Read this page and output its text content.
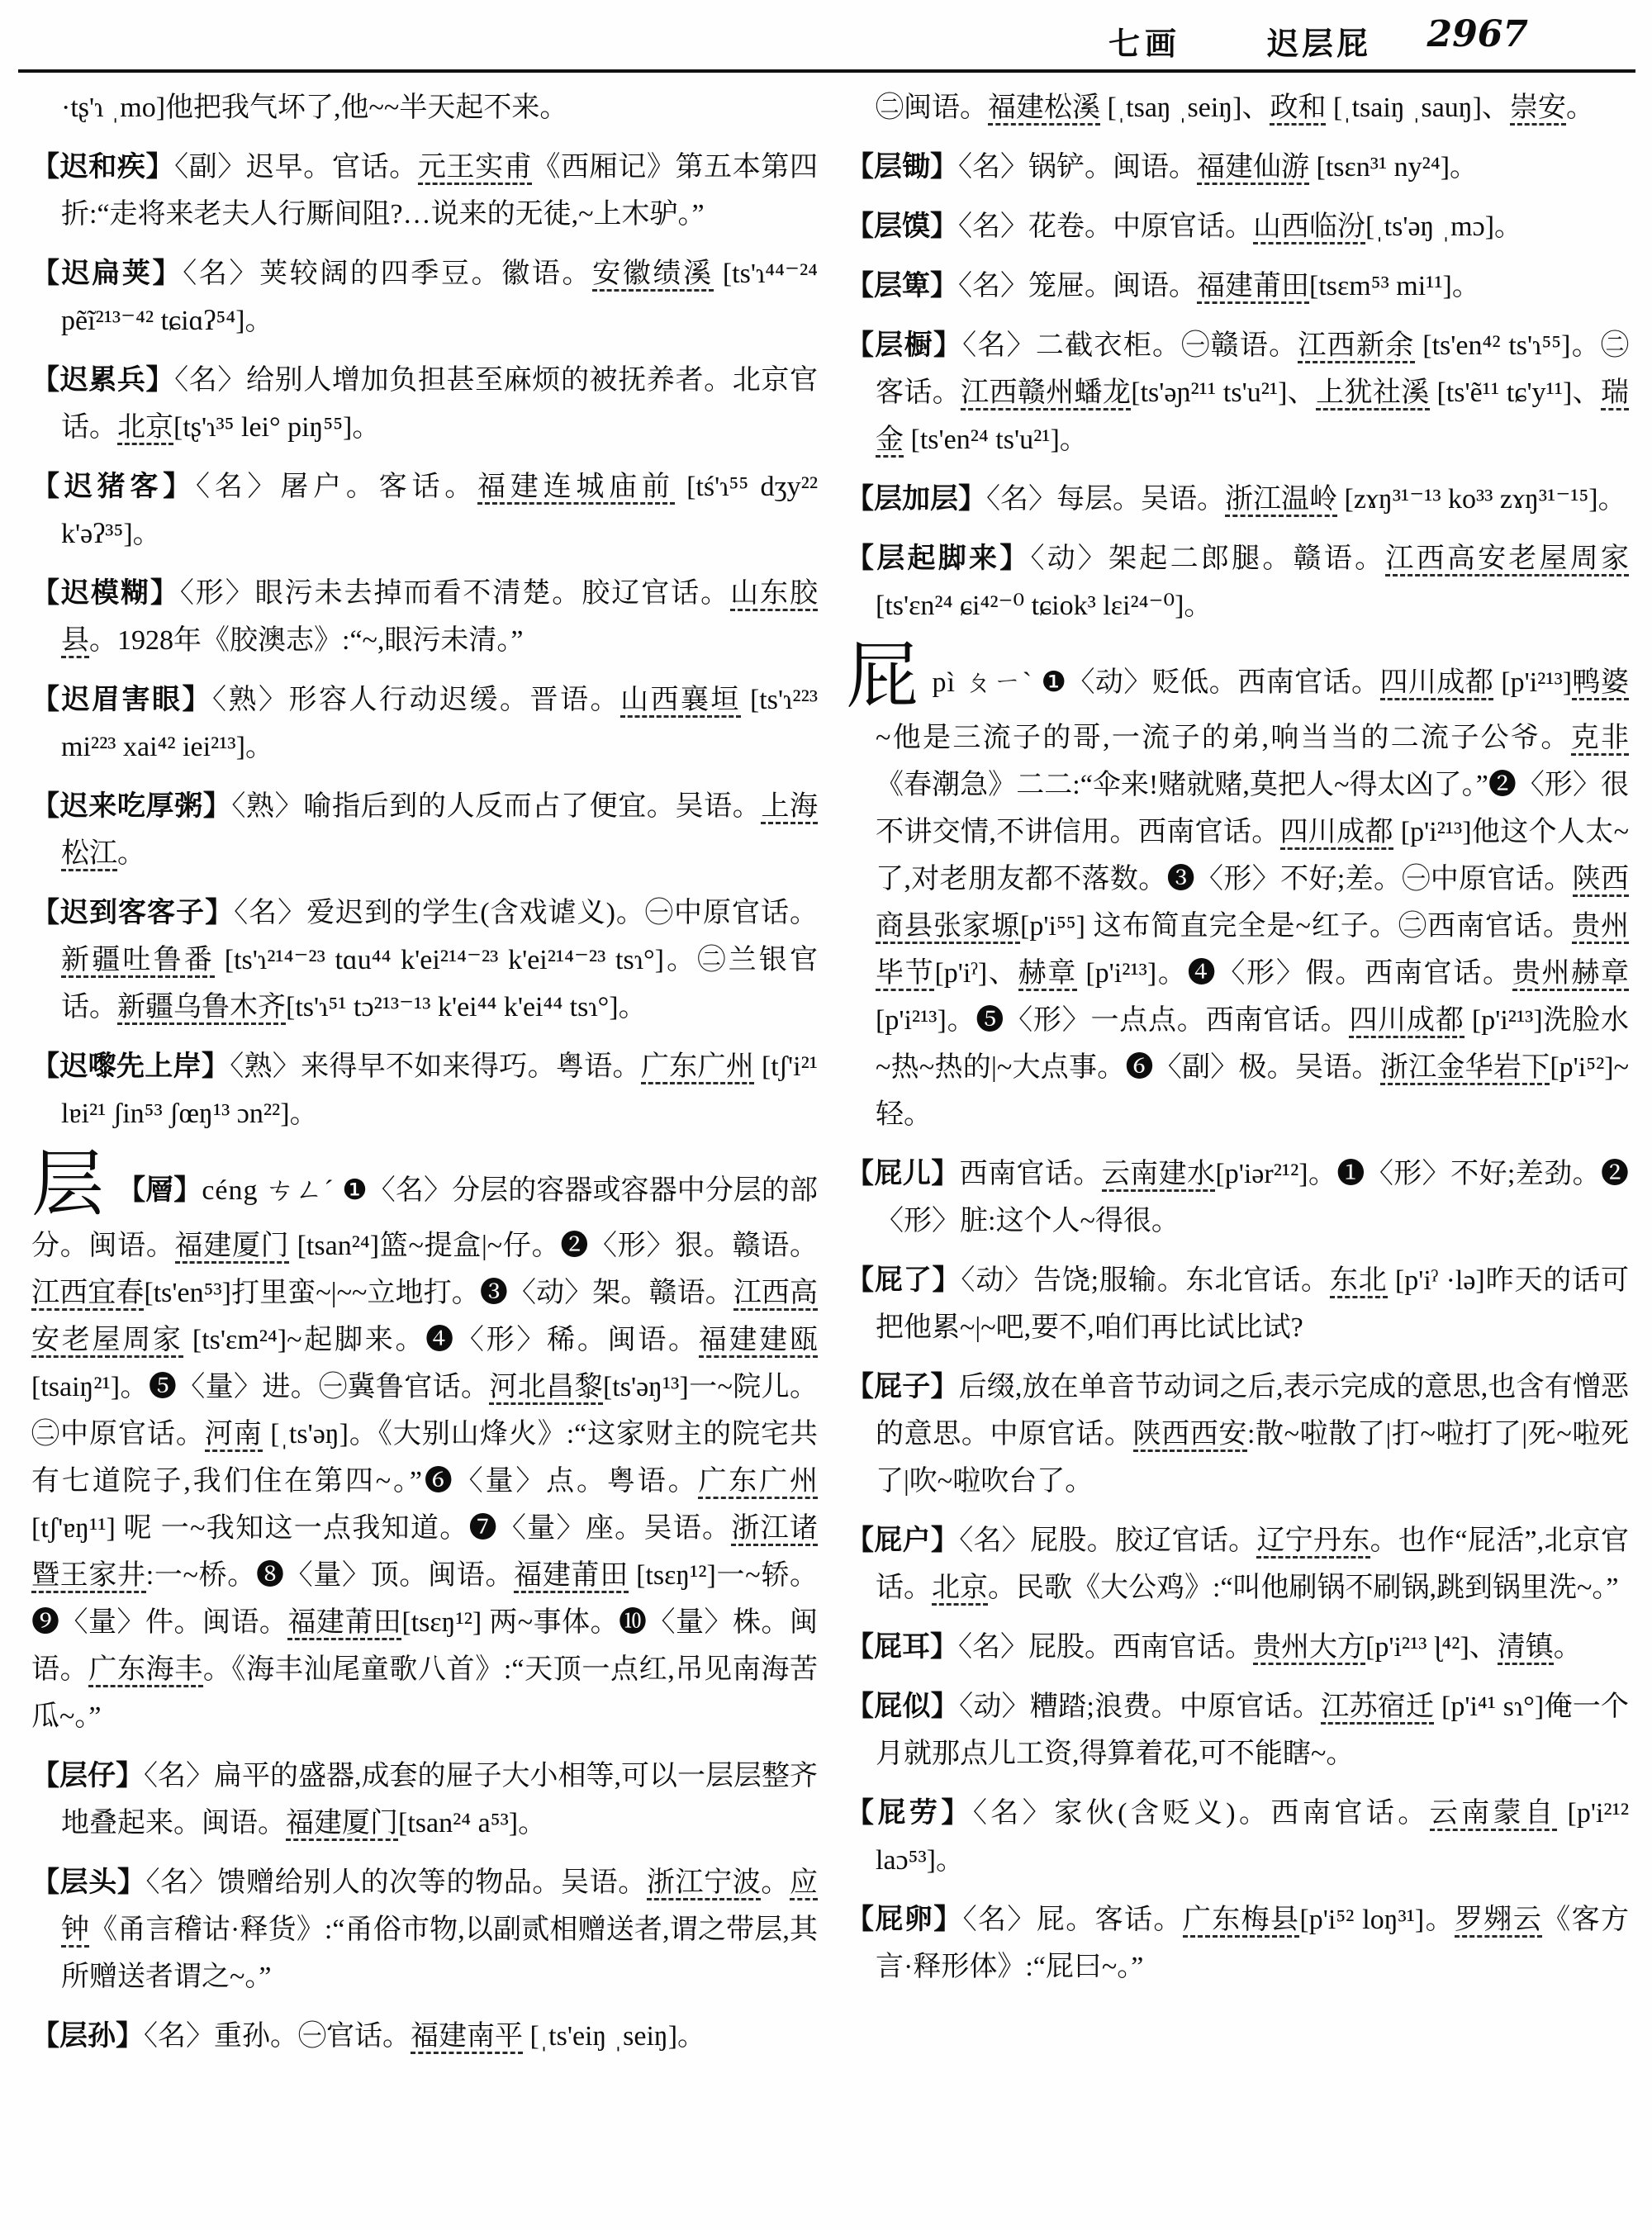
七画	迟层屁 2967
·tʂ'ɿ ˌmo]他把我气坏了,他~~半天起不来。
【迟和疾】〈副〉迟早。官话。元王实甫《西厢记》第五本第四折:“走将来老夫人行厮间阻?…说来的无徒,~上木驴。”
【迟扁荚】〈名〉荚较阔的四季豆。徽语。安徽绩溪 [ts'ɿ⁴⁴⁻²⁴ pẽĩ²¹³⁻⁴² tɕiɑʔ⁵⁴]。
【迟累兵】〈名〉给别人增加负担甚至麻烦的被抚养者。北京官话。北京[tʂ'ɿ³⁵ lei° piŋ⁵⁵]。
【迟猪客】〈名〉屠户。客话。福建连城庙前 [tś'ɿ⁵⁵ dʒy²² k'əʔ³⁵]。
【迟模糊】〈形〉眼污未去掉而看不清楚。胶辽官话。山东胶县。1928年《胶澳志》:“~,眼污未清。”
【迟眉害眼】〈熟〉形容人行动迟缓。晋语。山西襄垣 [ts'ɿ²²³ mi²²³ xai⁴² iei²¹³]。
【迟来吃厚粥】〈熟〉喻指后到的人反而占了便宜。吴语。上海松江。
【迟到客客子】〈名〉爱迟到的学生(含戏谑义)。㊀中原官话。新疆吐鲁番 [ts'ɿ²¹⁴⁻²³ tɑu⁴⁴ k'ei²¹⁴⁻²³ k'ei²¹⁴⁻²³ tsɿ°]。㊁兰银官话。新疆乌鲁木齐[ts'ɿ⁵¹ tɔ²¹³⁻¹³ k'ei⁴⁴ k'ei⁴⁴ tsɿ°]。
【迟嚟先上岸】〈熟〉来得早不如来得巧。粤语。广东广州 [tʃ'i²¹ lɐi²¹ ʃin⁵³ ʃœŋ¹³ ɔn²²]。
层 【層】céng ㄘㄥˊ ❶〈名〉分层的容器或容器中分层的部分。闽语。福建厦门 [tsan²⁴]篮~提盒|~仔。❷〈形〉狠。赣语。江西宜春[ts'en⁵³]打里蛮~|~~立地打。❸〈动〉架。赣语。江西高安老屋周家 [ts'ɛm²⁴]~起脚来。❹〈形〉稀。闽语。福建建瓯[tsaiŋ²¹]。❺〈量〉进。㊀冀鲁官话。河北昌黎[ts'əŋ¹³]一~院儿。㊁中原官话。河南 [ˌts'əŋ]。《大别山烽火》:“这家财主的院宅共有七道院子,我们住在第四~。”❻〈量〉点。粤语。广东广州[tʃ'ɐŋ¹¹] 呢 一~我知这一点我知道。❼〈量〉座。吴语。浙江诸暨王家井:一~桥。❽〈量〉顶。闽语。福建莆田 [tsɛŋ¹²]一~轿。❾〈量〉件。闽语。福建莆田[tsɛŋ¹²] 两~事体。❿〈量〉株。闽语。广东海丰。《海丰汕尾童歌八首》:“天顶一点红,吊见南海苦瓜~。”
【层仔】〈名〉扁平的盛器,成套的屉子大小相等,可以一层层整齐地叠起来。闽语。福建厦门[tsan²⁴ a⁵³]。
【层头】〈名〉馈赠给别人的次等的物品。吴语。浙江宁波。应钟《甬言稽诂·释货》:“甬俗市物,以副贰相赠送者,谓之带层,其所赠送者谓之~。”
【层孙】〈名〉重孙。㊀官话。福建南平 [ˌts'eiŋ ˌseiŋ]。
㊁闽语。福建松溪 [ˌtsaŋ ˌseiŋ]、政和 [ˌtsaiŋ ˌsauŋ]、崇安。
【层锄】〈名〉锅铲。闽语。福建仙游 [tsɛn³¹ ny²⁴]。
【层馍】〈名〉花卷。中原官话。山西临汾[ˌts'əŋ ˌmɔ]。
【层箄】〈名〉笼屉。闽语。福建莆田[tsɛm⁵³ mi¹¹]。
【层橱】〈名〉二截衣柜。㊀赣语。江西新余 [ts'en⁴² ts'ɿ⁵⁵]。㊁客话。江西赣州蟠龙[ts'əɲ²¹¹ ts'u²¹]、上犹社溪 [ts'ẽ¹¹ tɕ'y¹¹]、瑞金 [ts'en²⁴ ts'u²¹]。
【层加层】〈名〉每层。吴语。浙江温岭 [zɤŋ³¹⁻¹³ ko³³ zɤŋ³¹⁻¹⁵]。
【层起脚来】〈动〉架起二郎腿。赣语。江西高安老屋周家[ts'ɛn²⁴ ɕi⁴²⁻⁰ tɕiok³ lɛi²⁴⁻⁰]。
屁pì ㄆㄧˋ ❶〈动〉贬低。西南官话。四川成都 [p'i²¹³]鸭婆~他是三流子的哥,一流子的弟,响当当的二流子公爷。克非《春潮急》二二:“伞来!赌就赌,莫把人~得太凶了。”❷〈形〉很不讲交情,不讲信用。西南官话。四川成都 [p'i²¹³]他这个人太~了,对老朋友都不落数。❸〈形〉不好;差。㊀中原官话。陕西商县张家塬[p'i⁵⁵] 这布简直完全是~红子。㊁西南官话。贵州毕节[p'iˀ]、赫章 [p'i²¹³]。❹〈形〉假。西南官话。贵州赫章 [p'i²¹³]。❺〈形〉一点点。西南官话。四川成都 [p'i²¹³]洗脸水~热~热的|~大点事。❻〈副〉极。吴语。浙江金华岩下[p'i⁵²]~轻。
【屁儿】西南官话。云南建水[p'iər²¹²]。❶〈形〉不好;差劲。❷〈形〉脏:这个人~得很。
【屁了】〈动〉告饶;服输。东北官话。东北 [p'iˀ ·lə]昨天的话可把他累~|~吧,要不,咱们再比试比试?
【屁子】后缀,放在单音节动词之后,表示完成的意思,也含有憎恶的意思。中原官话。陕西西安:散~啦散了|打~啦打了|死~啦死了|吹~啦吹台了。
【屁户】〈名〉屁股。胶辽官话。辽宁丹东。也作“屁活”,北京官话。北京。民歌《大公鸡》:“叫他刷锅不刷锅,跳到锅里洗~。”
【屁耳】〈名〉屁股。西南官话。贵州大方[p'i²¹³ ɭ⁴²]、清镇。
【屁似】〈动〉糟踏;浪费。中原官话。江苏宿迁 [p'i⁴¹ sɿ°]俺一个月就那点儿工资,得算着花,可不能瞎~。
【屁劳】〈名〉家伙(含贬义)。西南官话。云南蒙自 [p'i²¹² laɔ⁵³]。
【屁卵】〈名〉屁。客话。广东梅县[p'i⁵² loŋ³¹]。罗翙云《客方言·释形体》:“屁曰~。”
